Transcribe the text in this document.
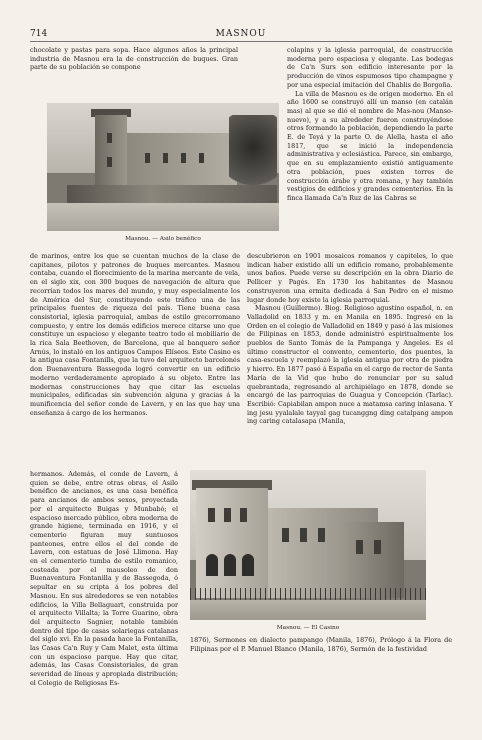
714	MASNOU

chocolate y pastas para sopa. Hace algunos años la principal industria de Masnou era la de construcción de buques. Gran parte de su población se compone

Masnou. — Asilo benéfico

colapins y la iglesia parroquial, de construcción moderna pero espaciosa y elegante. Las bodegas de Ca'n Surs son edificio interesante por la producción de vinos espumosos tipo champagne y por una especial imitación del Chablis de Borgoña.

La villa de Masnou es de origen moderno. En el año 1600 se construyó allí un manso (en catalán mas) al que se dió el nombre de Mas-nou (Manso-nuevo), y a su alrededer fueron construyéndose otros formando la población, dependiendo la parte E. de Teyá y la parte O. de Alella, hasta el año 1817, que se inició la independencia administrativa y eclesiástica. Parece, sin embargo, que en su emplazamiento existió antiguamente otra población, pues existen torres de construcción árabe y otra romana, y hay también vestigios de edificios y grandes cementerios. En la finca llamada Ca'n Ruz de las Cabras se

de marinos, entre los que se cuentan muchos de la clase de capitanes, pilotos y patrones de buques mercantes. Masnou contaba, cuando el florecimiento de la marina mercante de vela, en el siglo xix, con 300 buques de navegación de altura que recorrían todos los mares del mundo, y muy especialmente los de América del Sur, constituyendo este tráfico una de las principales fuentes de riqueza del país. Tiene buena casa consistorial, iglesia parroquial, ambas de estilo grecorromano compuesto, y entre los demás edificios merece citarse uno que constituye un espacioso y elegante teatro todo el mobiliario de la rica Sala Beethoven, de Barcelona, que al banquero señor Arnús, lo instaló en los antiguos Campos Elíseos. Este Casino es la antigua casa Fontanills, que la tuvo del arquitecto barcelonés don Buenaventura Bassegoda logró convertir en un edificio moderno verdaderamente apropiado á su objeto. Entre las modernas construcciones hay que citar las escuelas municipales, edificadas sin subvención alguna y gracias á la munificencia del señor conde de Lavern, y en las que hay una enseñanza á cargo de los hermanos.

descubrieron en 1901 mosaicos romanos y capiteles, lo que indican haber existido allí un edificio romano, probablemente unos baños. Puede verse su descripción en la obra Diario de Pellicer y Pagés. En 1730 los habitantes de Masnou construyeron una ermita dedicada á San Pedro en el mismo lugar donde hoy existe la iglesia parroquial.

Masnou (Guillermo). Biog. Religioso agustino español, n. en Valladolid en 1833 y m. en Manila en 1895. Ingresó en la Orden en el colegio de Valladolid en 1849 y pasó á las misiones de Filipinas en 1853, donde administró espiritualmente los pueblos de Santo Tomás de la Pampanga y Angeles. Es el último constructor el convento, cementerio, dos puentes, la casa-escuela y reemplazó la iglesia antigua por otra de piedra y hierro. En 1877 pasó á España en el cargo de rector de Santa María de la Vid que hubo de renunciar por su salud quebrantada, regresando al archipiélago en 1878, donde se encargó de las parroquias de Guagua y Concepción (Tarlac). Escribió: Capiabilan ampon nuce a matamsa caring inlasana. Y ing jesu yyalalale tayyal gag tucanggng ding catalpang ampon ing caring catalasapa (Manila,

hermanos. Además, el conde de Lavern, á quien se debe, entre otras obras, el Asilo benéfico de ancianos, es una casa benéfica para ancianos de ambos sexos, proyectada por el arquitecto Buigas y Munbabó; el espacioso mercado público, obra moderna de grande higiene, terminada en 1916, y el cementerio figuran muy suntuosos panteones, entre ellos el del conde de Lavern, con estatuas de José Llimona. Hay en el cementerio tumba de estilo romanico, costeada por el mausoleo de don Buenaventura Fontanilla y de Bassegoda, ó sepultar en su cripta á los pobres del Masnou. En sus alrededores se ven notables edificios, la Villa Bellaguart, construida por el arquitecto Villalta; la Torre Guarino, obra del arquitecto Sagnier, notable también dentro del tipo de casas solariegas catalanas del siglo xvi. En la pasada hace la Fontanilla, las Casas Ca'n Ruy y Cam Malet, esta última con un espacioso parque. Hay que citar, además, las Casas Consistoriales, de gran severidad de líneas y apropiada distribución; el Colegio de Religiosas Es-

Masnou. — El Casino

1876), Sermones en dialecto pampango (Manila, 1876), Prólogo á la Flora de Filipinas por el P. Manuel Blanco (Manila, 1876), Sermón de la festividad
